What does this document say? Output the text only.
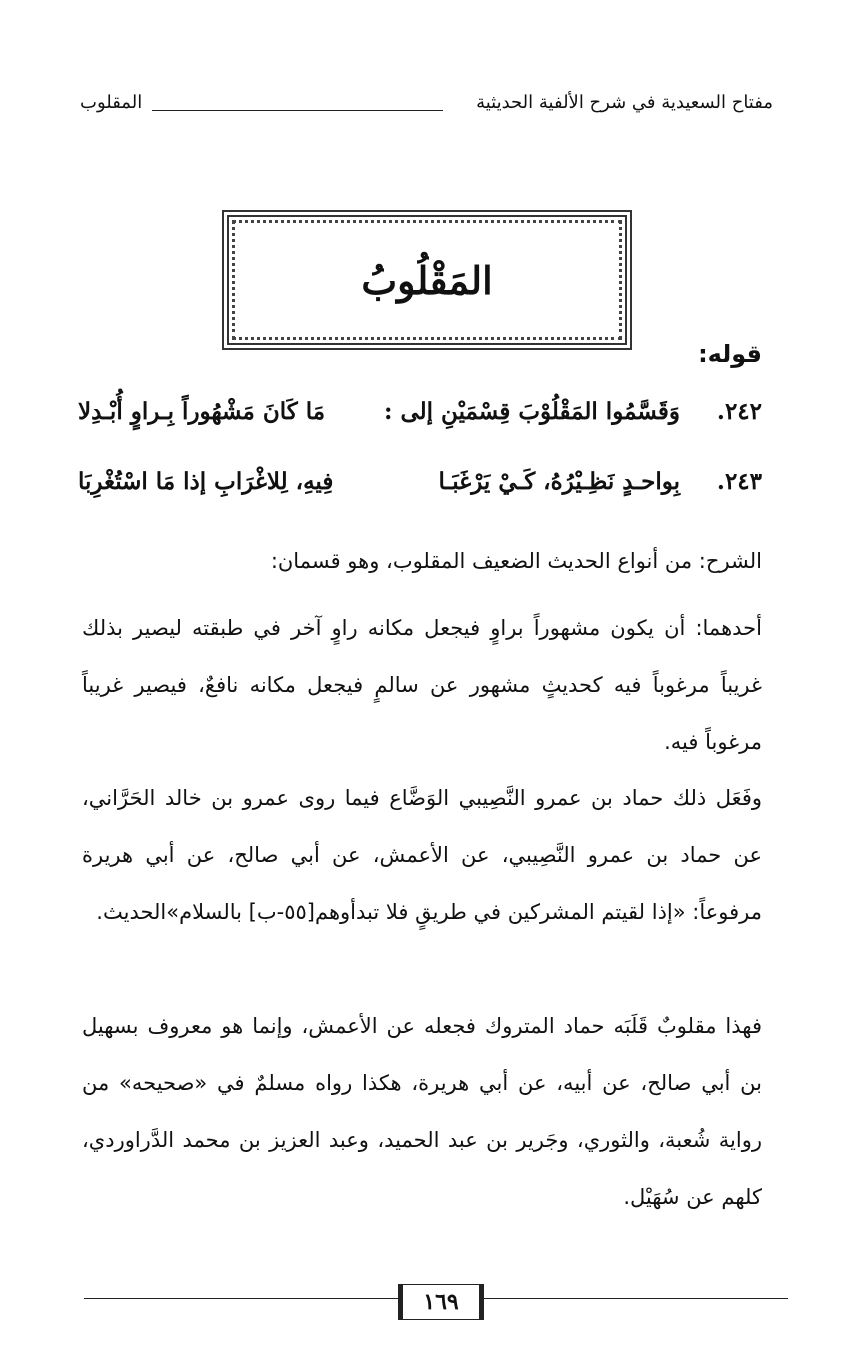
مفتاح السعيدية في شرح الألفية الحديثية
المقلوب
المَقْلُوبُ
قوله:
٢٤٢.
وَقَسَّمُوا المَقْلُوْبَ قِسْمَيْنِ إلى :
مَا كَانَ مَشْهُوراً بِـراوٍ أُبْـدِلا
٢٤٣.
بِواحـدٍ نَظِـيْرُهُ، كَـيْ يَرْغَبَـا
فِيهِ، لِلاغْرَابِ إذا مَا اسْتُغْرِبَا

الشرح: من أنواع الحديث الضعيف المقلوب، وهو قسمان:

أحدهما: أن يكون مشهوراً براوٍ فيجعل مكانه راوٍ آخر في طبقته ليصير بذلك غريباً مرغوباً فيه كحديثٍ مشهور عن سالمٍ فيجعل مكانه نافعٌ، فيصير غريباً مرغوباً فيه.

وفَعَل ذلك حماد بن عمرو النَّصِيبي الوَضَّاع فيما روى عمرو بن خالد الحَرَّاني، عن حماد بن عمرو النَّصِيبي، عن الأعمش، عن أبي صالح، عن أبي هريرة مرفوعاً: «إذا لقيتم المشركين في طريقٍ فلا تبدأوهم[٥٥-ب] بالسلام»الحديث.

فهذا مقلوبٌ قَلَبَه حماد المتروك فجعله عن الأعمش، وإنما هو معروف بسهيل بن أبي صالح، عن أبيه، عن أبي هريرة، هكذا رواه مسلمٌ في «صحيحه» من رواية شُعبة، والثوري، وجَرير بن عبد الحميد، وعبد العزيز بن محمد الدَّراوردي، كلهم عن سُهَيْل.

١٦٩
